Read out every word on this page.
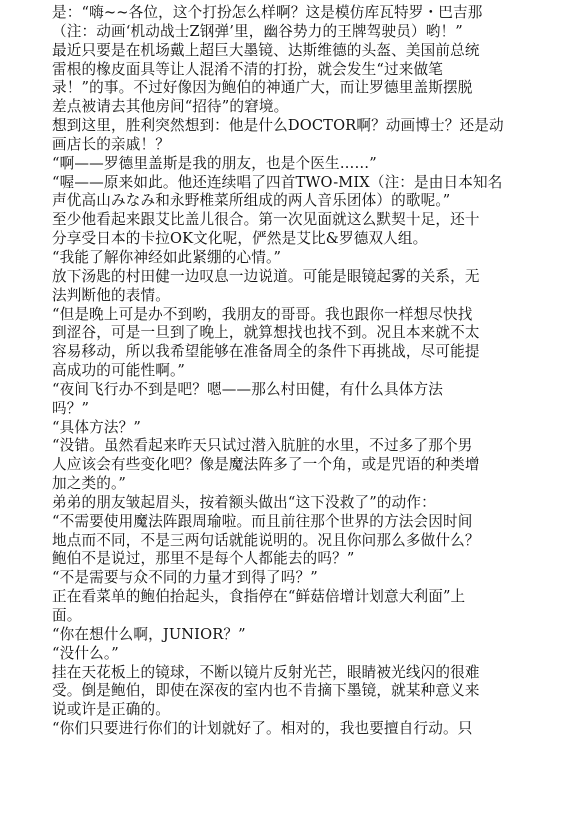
是：“嗨~~各位，这个打扮怎么样啊？这是模仿库瓦特罗・巴吉那
（注：动画‘机动战士Z钢弹’里，幽谷势力的王牌驾驶员）哟！”
最近只要是在机场戴上超巨大墨镜、达斯维德的头盔、美国前总统
雷根的橡皮面具等让人混淆不清的打扮，就会发生“过来做笔
录！”的事。不过好像因为鲍伯的神通广大，而让罗德里盖斯摆脱
差点被请去其他房间“招待”的窘境。
想到这里，胜利突然想到：他是什么DOCTOR啊？动画博士？还是动
画店长的亲戚！？
“啊——罗德里盖斯是我的朋友，也是个医生……”
“喔——原来如此。他还连续唱了四首TWO-MIX（注：是由日本知名
声优高山みなみ和永野椎菜所组成的两人音乐团体）的歌呢。”
至少他看起来跟艾比盖儿很合。第一次见面就这么默契十足，还十
分享受日本的卡拉OK文化呢，俨然是艾比&罗德双人组。
“我能了解你神经如此紧绷的心情。”
放下汤匙的村田健一边叹息一边说道。可能是眼镜起雾的关系，无
法判断他的表情。
“但是晚上可是办不到哟，我朋友的哥哥。我也跟你一样想尽快找
到涩谷，可是一旦到了晚上，就算想找也找不到。况且本来就不太
容易移动，所以我希望能够在准备周全的条件下再挑战，尽可能提
高成功的可能性啊。”
“夜间飞行办不到是吧？嗯——那么村田健，有什么具体方法
吗？”
“具体方法？”
“没错。虽然看起来昨天只试过潜入肮脏的水里，不过多了那个男
人应该会有些变化吧？像是魔法阵多了一个角，或是咒语的种类增
加之类的。”
弟弟的朋友皱起眉头，按着额头做出“这下没救了”的动作：
“不需要使用魔法阵跟周瑜啦。而且前往那个世界的方法会因时间
地点而不同，不是三两句话就能说明的。况且你问那么多做什么？
鲍伯不是说过，那里不是每个人都能去的吗？”
“不是需要与众不同的力量才到得了吗？”
正在看菜单的鲍伯抬起头，食指停在“鲜菇倍增计划意大利面”上
面。
“你在想什么啊，JUNIOR？”
“没什么。”
挂在天花板上的镜球，不断以镜片反射光芒，眼睛被光线闪的很难
受。倒是鲍伯，即使在深夜的室内也不肯摘下墨镜，就某种意义来
说或许是正确的。
“你们只要进行你们的计划就好了。相对的，我也要擅自行动。只
